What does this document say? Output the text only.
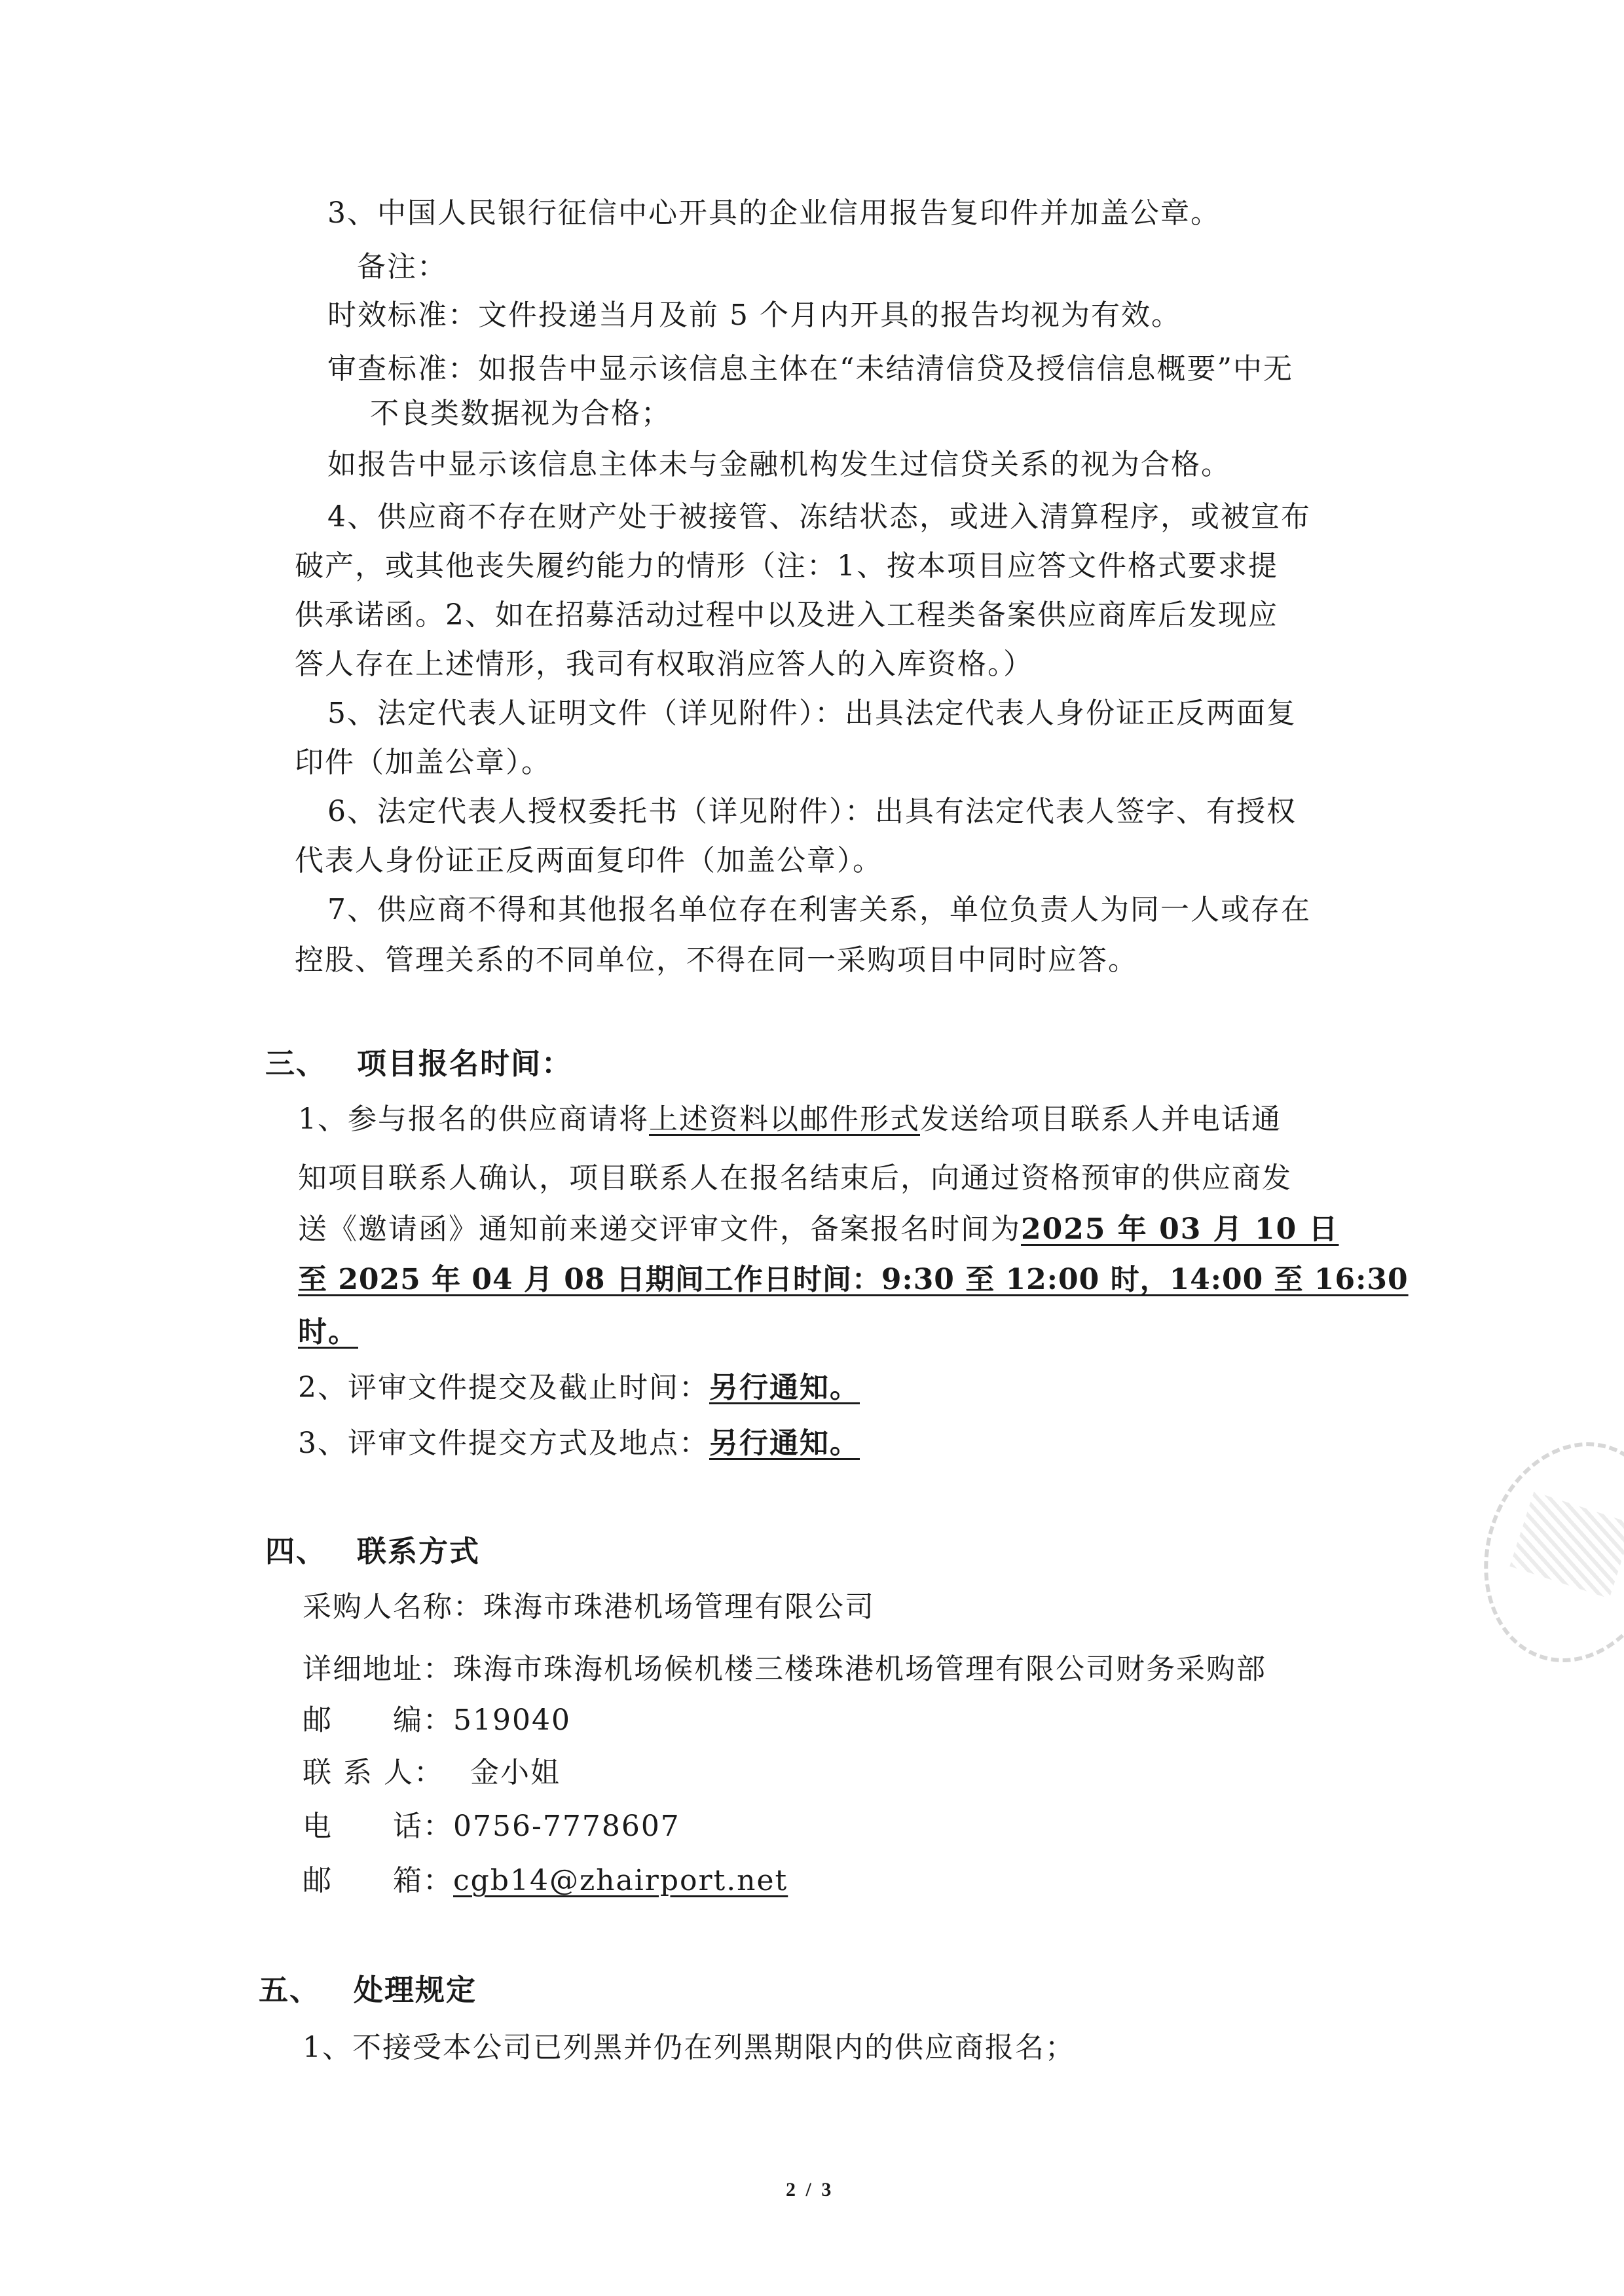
3、中国人民银行征信中心开具的企业信用报告复印件并加盖公章。
备注：
时效标准：文件投递当月及前 5 个月内开具的报告均视为有效。
审查标准：如报告中显示该信息主体在“未结清信贷及授信信息概要”中无
不良类数据视为合格；
如报告中显示该信息主体未与金融机构发生过信贷关系的视为合格。
4、供应商不存在财产处于被接管、冻结状态，或进入清算程序，或被宣布
破产，或其他丧失履约能力的情形（注：1、按本项目应答文件格式要求提
供承诺函。2、如在招募活动过程中以及进入工程类备案供应商库后发现应
答人存在上述情形，我司有权取消应答人的入库资格。）
5、法定代表人证明文件（详见附件）：出具法定代表人身份证正反两面复
印件（加盖公章）。
6、法定代表人授权委托书（详见附件）：出具有法定代表人签字、有授权
代表人身份证正反两面复印件（加盖公章）。
7、供应商不得和其他报名单位存在利害关系，单位负责人为同一人或存在
控股、管理关系的不同单位，不得在同一采购项目中同时应答。
三、 项目报名时间：
1、参与报名的供应商请将上述资料以邮件形式发送给项目联系人并电话通
知项目联系人确认，项目联系人在报名结束后，向通过资格预审的供应商发
送《邀请函》通知前来递交评审文件，备案报名时间为2025 年 03 月 10 日
至 2025 年 04 月 08 日期间工作日时间：9:30 至 12:00 时，14:00 至 16:30
时。
2、评审文件提交及截止时间：另行通知。
3、评审文件提交方式及地点：另行通知。
四、 联系方式
采购人名称：珠海市珠港机场管理有限公司
详细地址：珠海市珠海机场候机楼三楼珠港机场管理有限公司财务采购部
邮　　编：519040
联 系 人： 金小姐
电　　话：0756-7778607
邮　　箱：cgb14@zhairport.net
五、 处理规定
1、不接受本公司已列黑并仍在列黑期限内的供应商报名；
2 / 3
